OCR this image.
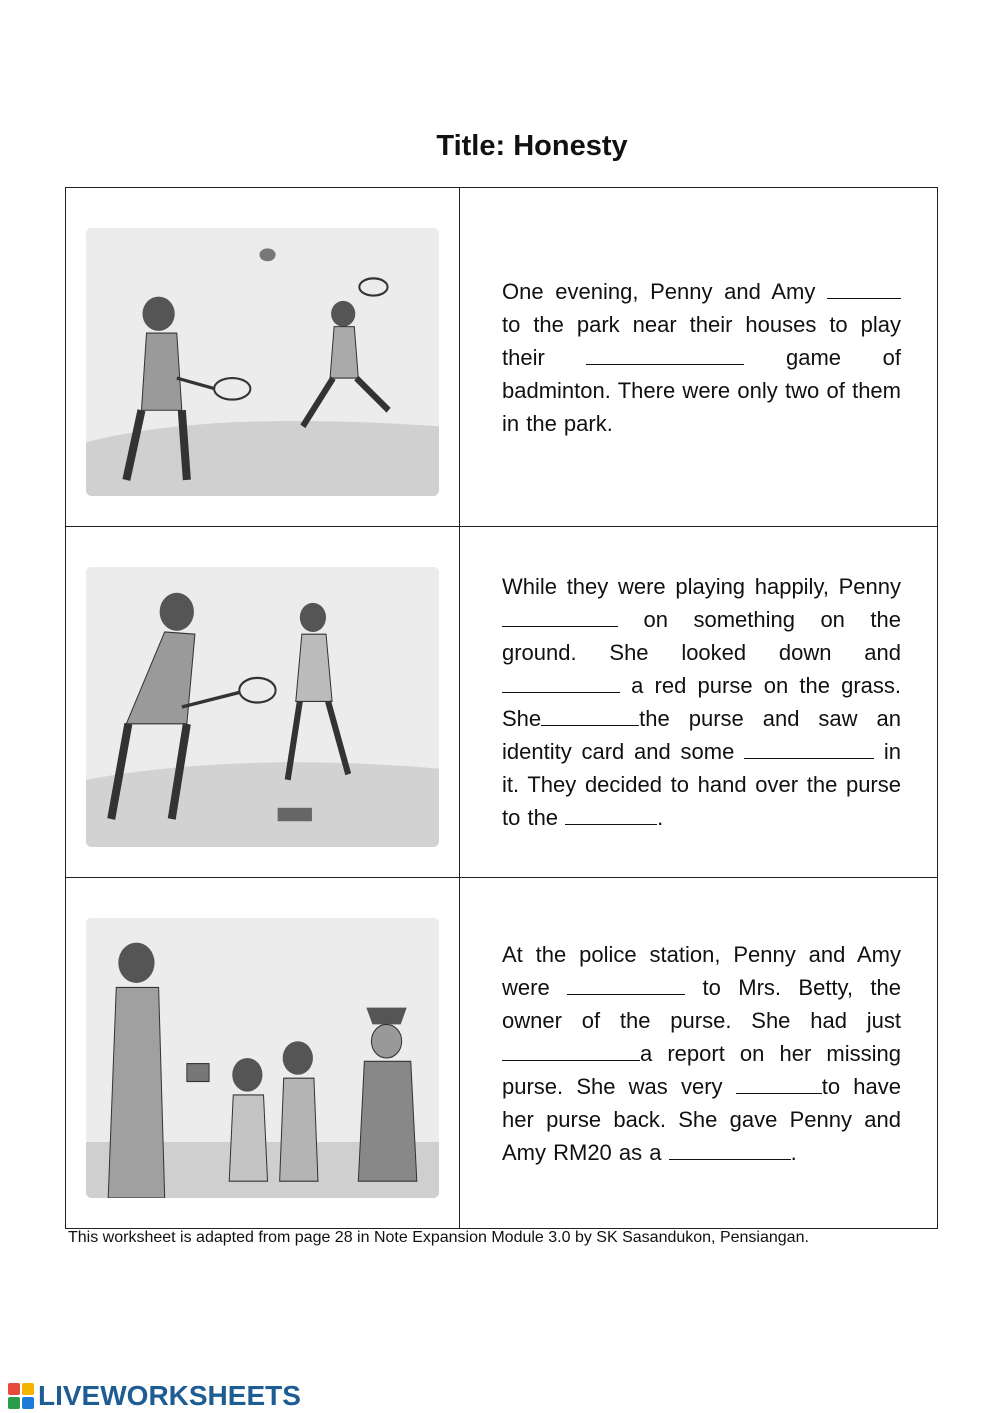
Title: Honesty

One evening, Penny and Amy  to the park near their houses to play their game of badminton. There were only two of them in the park.

While they were playing happily, Penny  on something on the ground. She looked down and  a red purse on the grass. She the purse and saw an identity card and some in it. They decided to hand over the purse to the .

At the police station, Penny and Amy were to Mrs. Betty, the owner of the purse. She had just a report on her missing purse. She was very to have her purse back. She gave Penny and Amy RM20 as a .

This worksheet is adapted from page 28 in Note Expansion Module 3.0 by SK Sasandukon, Pensiangan.

LIVEWORKSHEETS
